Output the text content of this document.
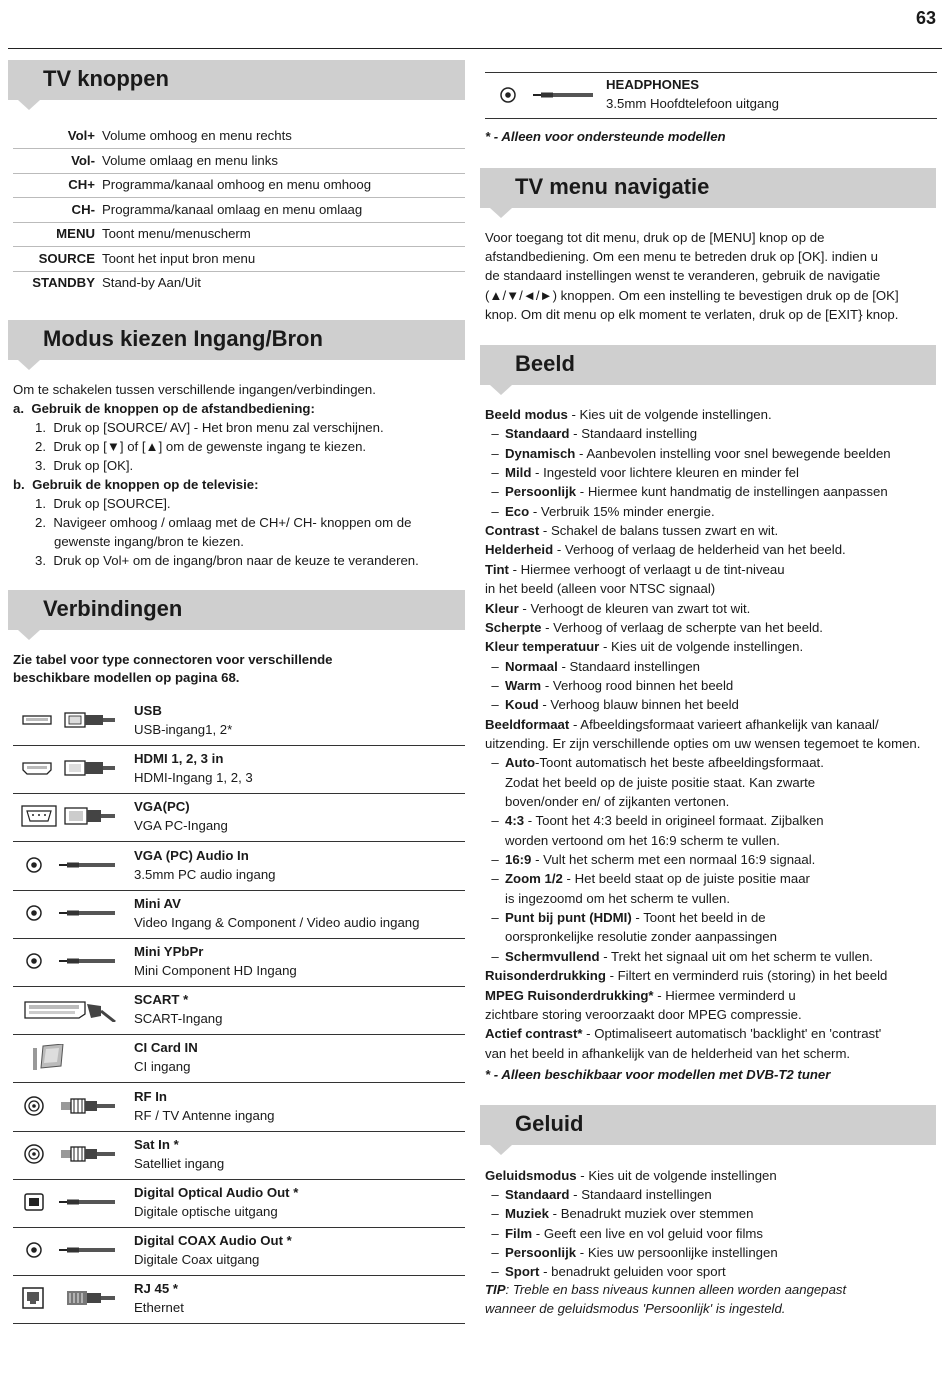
63
TV knoppen
Vol+ Volume omhoog en menu rechts
Vol- Volume omlaag en menu links
CH+ Programma/kanaal omhoog en menu omhoog
CH- Programma/kanaal omlaag en menu omlaag
MENU Toont menu/menuscherm
SOURCE Toont het input bron menu
STANDBY Stand-by Aan/Uit
Modus kiezen Ingang/Bron
Om te schakelen tussen verschillende ingangen/verbindingen.
a. Gebruik de knoppen op de afstandbediening:
1. Druk op [SOURCE/ AV] - Het bron menu zal verschijnen.
2. Druk op [▼] of [▲] om de gewenste ingang te kiezen.
3. Druk op [OK].
b. Gebruik de knoppen op de televisie:
1. Druk op [SOURCE].
2. Navigeer omhoog / omlaag met de CH+/ CH- knoppen om de
gewenste ingang/bron te kiezen.
3. Druk op Vol+ om de ingang/bron naar de keuze te veranderen.
Verbindingen
Zie tabel voor type connectoren voor verschillende
beschikbare modellen op pagina 68.
USB
USB-ingang1, 2*
HDMI 1, 2, 3 in
HDMI-Ingang 1, 2, 3
VGA(PC)
VGA PC-Ingang
VGA (PC) Audio In
3.5mm PC audio ingang
Mini AV
Video Ingang & Component / Video audio ingang
Mini YPbPr
Mini Component HD Ingang
SCART *
SCART-Ingang
CI Card IN
CI ingang
RF In
RF / TV Antenne ingang
Sat In *
Satelliet ingang
Digital Optical Audio Out *
Digitale optische uitgang
Digital COAX Audio Out *
Digitale Coax uitgang
RJ 45 *
Ethernet
HEADPHONES
3.5mm Hoofdtelefoon uitgang
* - Alleen voor ondersteunde modellen
TV menu navigatie
Voor toegang tot dit menu, druk op de [MENU] knop op de
afstandbediening. Om een menu te betreden druk op [OK]. indien u
de standaard instellingen wenst te veranderen, gebruik de navigatie
(▲/▼/◄/►) knoppen. Om een instelling te bevestigen druk op de [OK]
knop. Om dit menu op elk moment te verlaten, druk op de [EXIT} knop.
Beeld
Beeld modus - Kies uit de volgende instellingen.
– Standaard - Standaard instelling
– Dynamisch - Aanbevolen instelling voor snel bewegende beelden
– Mild - Ingesteld voor lichtere kleuren en minder fel
– Persoonlijk - Hiermee kunt handmatig de instellingen aanpassen
– Eco - Verbruik 15% minder energie.
Contrast - Schakel de balans tussen zwart en wit.
Helderheid - Verhoog of verlaag de helderheid van het beeld.
Tint - Hiermee verhoogt of verlaagt u de tint-niveau
in het beeld (alleen voor NTSC signaal)
Kleur - Verhoogt de kleuren van zwart tot wit.
Scherpte - Verhoog of verlaag de scherpte van het beeld.
Kleur temperatuur - Kies uit de volgende instellingen.
– Normaal - Standaard instellingen
– Warm - Verhoog rood binnen het beeld
– Koud - Verhoog blauw binnen het beeld
Beeldformaat - Afbeeldingsformaat varieert afhankelijk van kanaal/
uitzending. Er zijn verschillende opties om uw wensen tegemoet te komen.
– Auto-Toont automatisch het beste afbeeldingsformaat.
Zodat het beeld op de juiste positie staat. Kan zwarte
boven/onder en/ of zijkanten vertonen.
– 4:3 - Toont het 4:3 beeld in origineel formaat. Zijbalken
worden vertoond om het 16:9 scherm te vullen.
– 16:9 - Vult het scherm met een normaal 16:9 signaal.
– Zoom 1/2 - Het beeld staat op de juiste positie maar
is ingezoomd om het scherm te vullen.
– Punt bij punt (HDMI) - Toont het beeld in de
oorspronkelijke resolutie zonder aanpassingen
– Schermvullend - Trekt het signaal uit om het scherm te vullen.
Ruisonderdrukking - Filtert en verminderd ruis (storing) in het beeld
MPEG Ruisonderdrukking* - Hiermee verminderd u
zichtbare storing veroorzaakt door MPEG compressie.
Actief contrast* - Optimaliseert automatisch 'backlight' en 'contrast'
van het beeld in afhankelijk van de helderheid van het scherm.
* - Alleen beschikbaar voor modellen met DVB-T2 tuner
Geluid
Geluidsmodus - Kies uit de volgende instellingen
– Standaard - Standaard instellingen
– Muziek - Benadrukt muziek over stemmen
– Film - Geeft een live en vol geluid voor films
– Persoonlijk - Kies uw persoonlijke instellingen
– Sport - benadrukt geluiden voor sport
TIP: Treble en bass niveaus kunnen alleen worden aangepast
wanneer de geluidsmodus 'Persoonlijk' is ingesteld.
